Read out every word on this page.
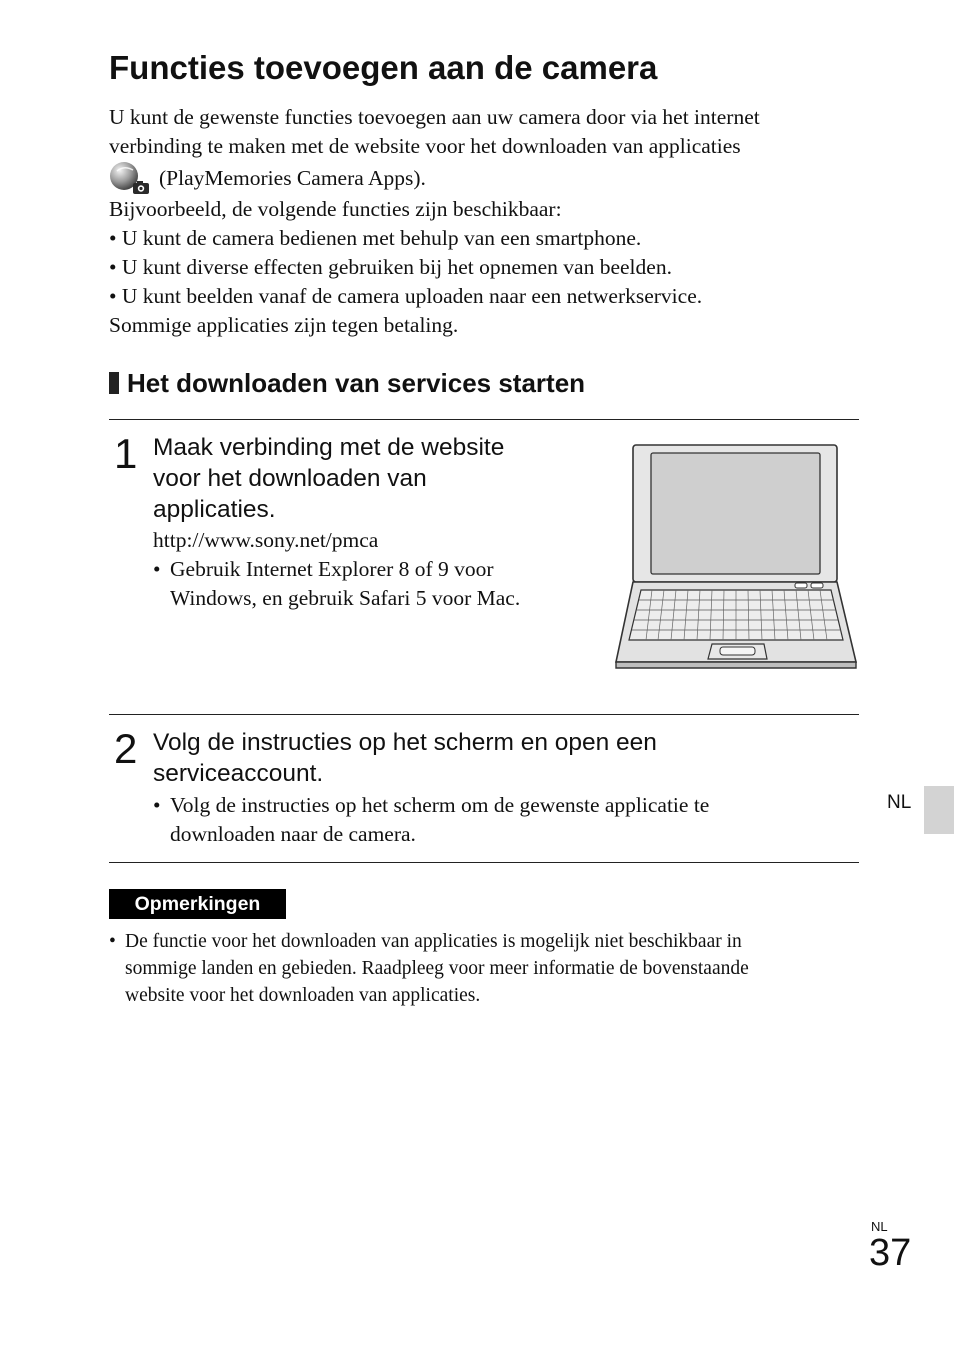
Functies toevoegen aan de camera

U kunt de gewenste functies toevoegen aan uw camera door via het internet

verbinding te maken met de website voor het downloaden van applicaties

(PlayMemories Camera Apps).

Bijvoorbeeld, de volgende functies zijn beschikbaar:

• U kunt de camera bedienen met behulp van een smartphone.

• U kunt diverse effecten gebruiken bij het opnemen van beelden.

• U kunt beelden vanaf de camera uploaden naar een netwerkservice.

Sommige applicaties zijn tegen betaling.

Het downloaden van services starten
1 Maak verbinding met de website

voor het downloaden van

applicaties.

http://www.sony.net/pmca
• Gebruik Internet Explorer 8 of 9 voor
Windows, en gebruik Safari 5 voor Mac.
2 Volg de instructies op het scherm en open een

serviceaccount.

• Volg de instructies op het scherm om de gewenste applicatie te
downloaden naar de camera.
Opmerkingen
• De functie voor het downloaden van applicaties is mogelijk niet beschikbaar in
sommige landen en gebieden. Raadpleeg voor meer informatie de bovenstaande
website voor het downloaden van applicaties.
NL
NL
37
